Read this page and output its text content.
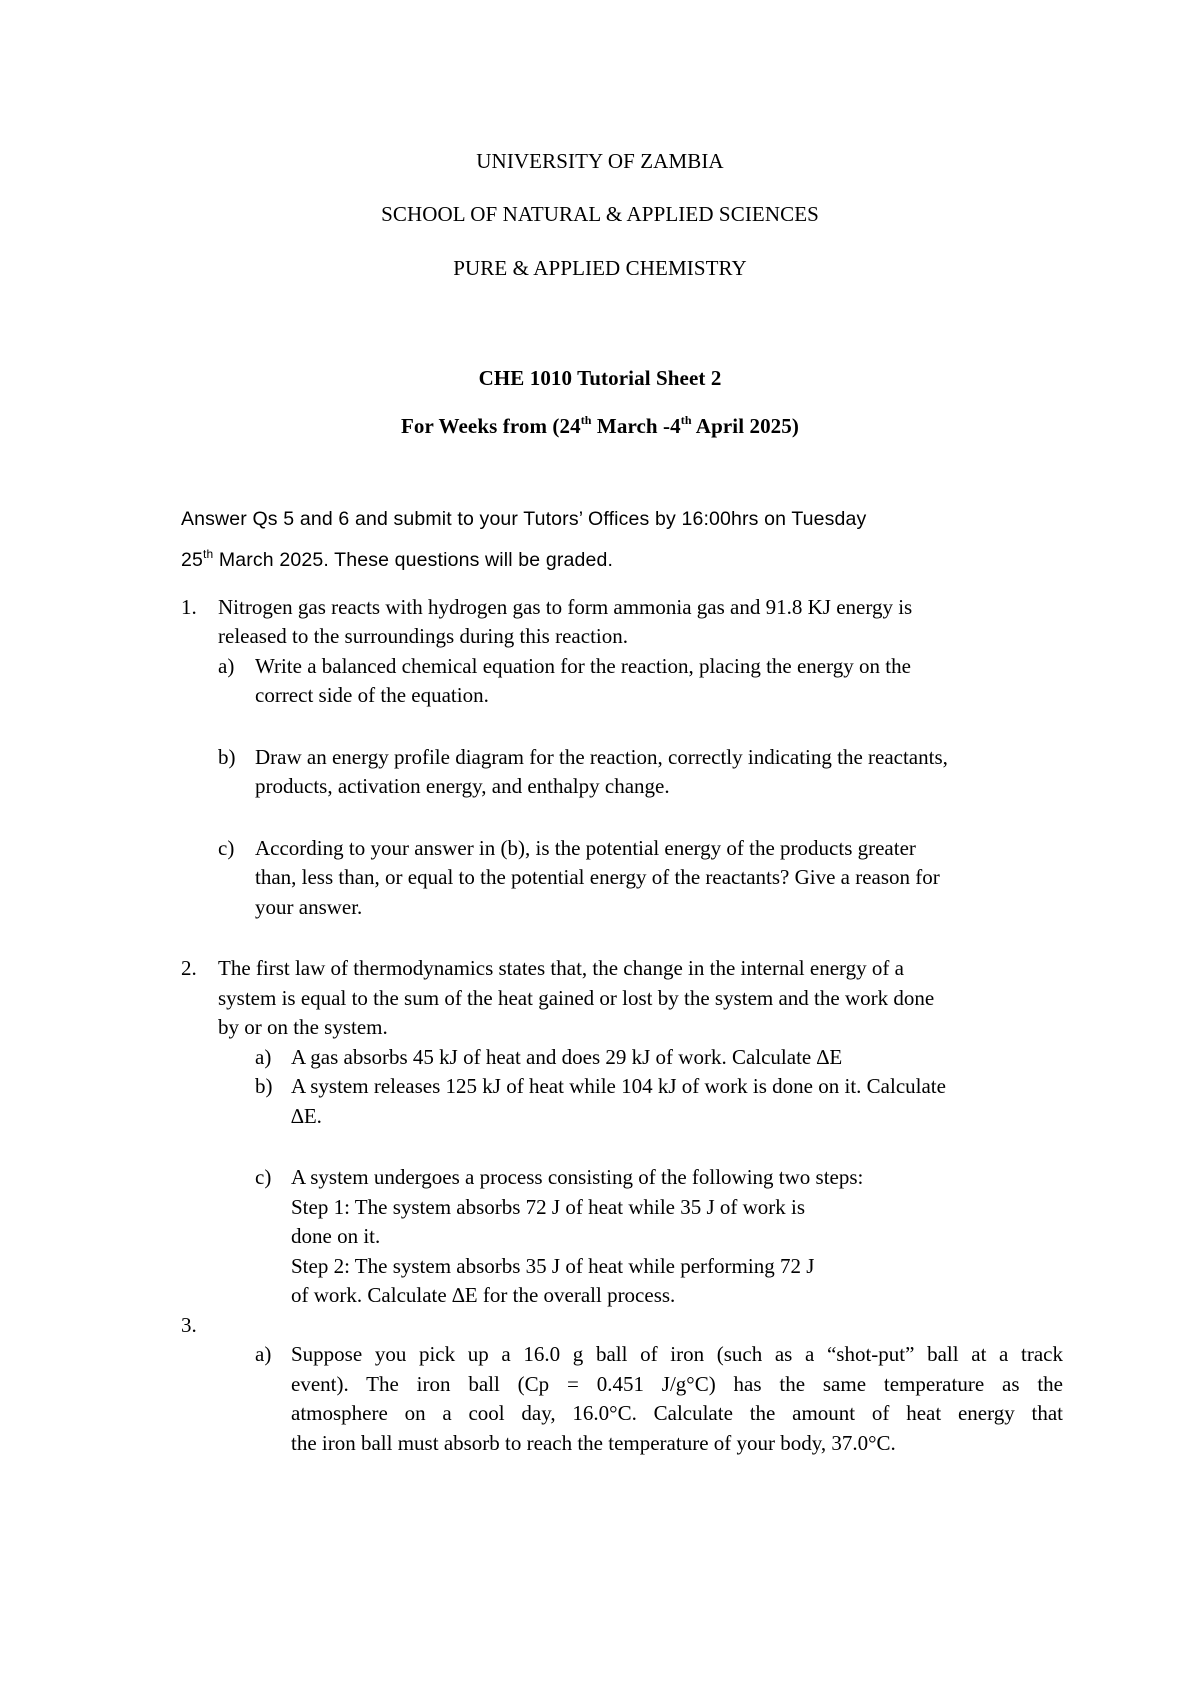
UNIVERSITY OF ZAMBIA
SCHOOL OF NATURAL & APPLIED SCIENCES
PURE & APPLIED CHEMISTRY
CHE 1010 Tutorial Sheet 2
For Weeks from (24th March -4th April 2025)
Answer Qs 5 and 6 and submit to your Tutors’ Offices by 16:00hrs on Tuesday
25th March 2025. These questions will be graded.
1. Nitrogen gas reacts with hydrogen gas to form ammonia gas and 91.8 KJ energy is
released to the surroundings during this reaction.
a) Write a balanced chemical equation for the reaction, placing the energy on the
correct side of the equation.
b) Draw an energy profile diagram for the reaction, correctly indicating the reactants,
products, activation energy, and enthalpy change.
c) According to your answer in (b), is the potential energy of the products greater
than, less than, or equal to the potential energy of the reactants? Give a reason for
your answer.
2. The first law of thermodynamics states that, the change in the internal energy of a
system is equal to the sum of the heat gained or lost by the system and the work done
by or on the system.
a) A gas absorbs 45 kJ of heat and does 29 kJ of work. Calculate ∆E
b) A system releases 125 kJ of heat while 104 kJ of work is done on it. Calculate
∆E.
c) A system undergoes a process consisting of the following two steps:
Step 1: The system absorbs 72 J of heat while 35 J of work is
done on it.
Step 2: The system absorbs 35 J of heat while performing 72 J
of work. Calculate ∆E for the overall process.
3.
a) Suppose you pick up a 16.0 g ball of iron (such as a “shot-put” ball at a track
event). The iron ball (Cp = 0.451 J/g°C) has the same temperature as the
atmosphere on a cool day, 16.0°C. Calculate the amount of heat energy that
the iron ball must absorb to reach the temperature of your body, 37.0°C.
